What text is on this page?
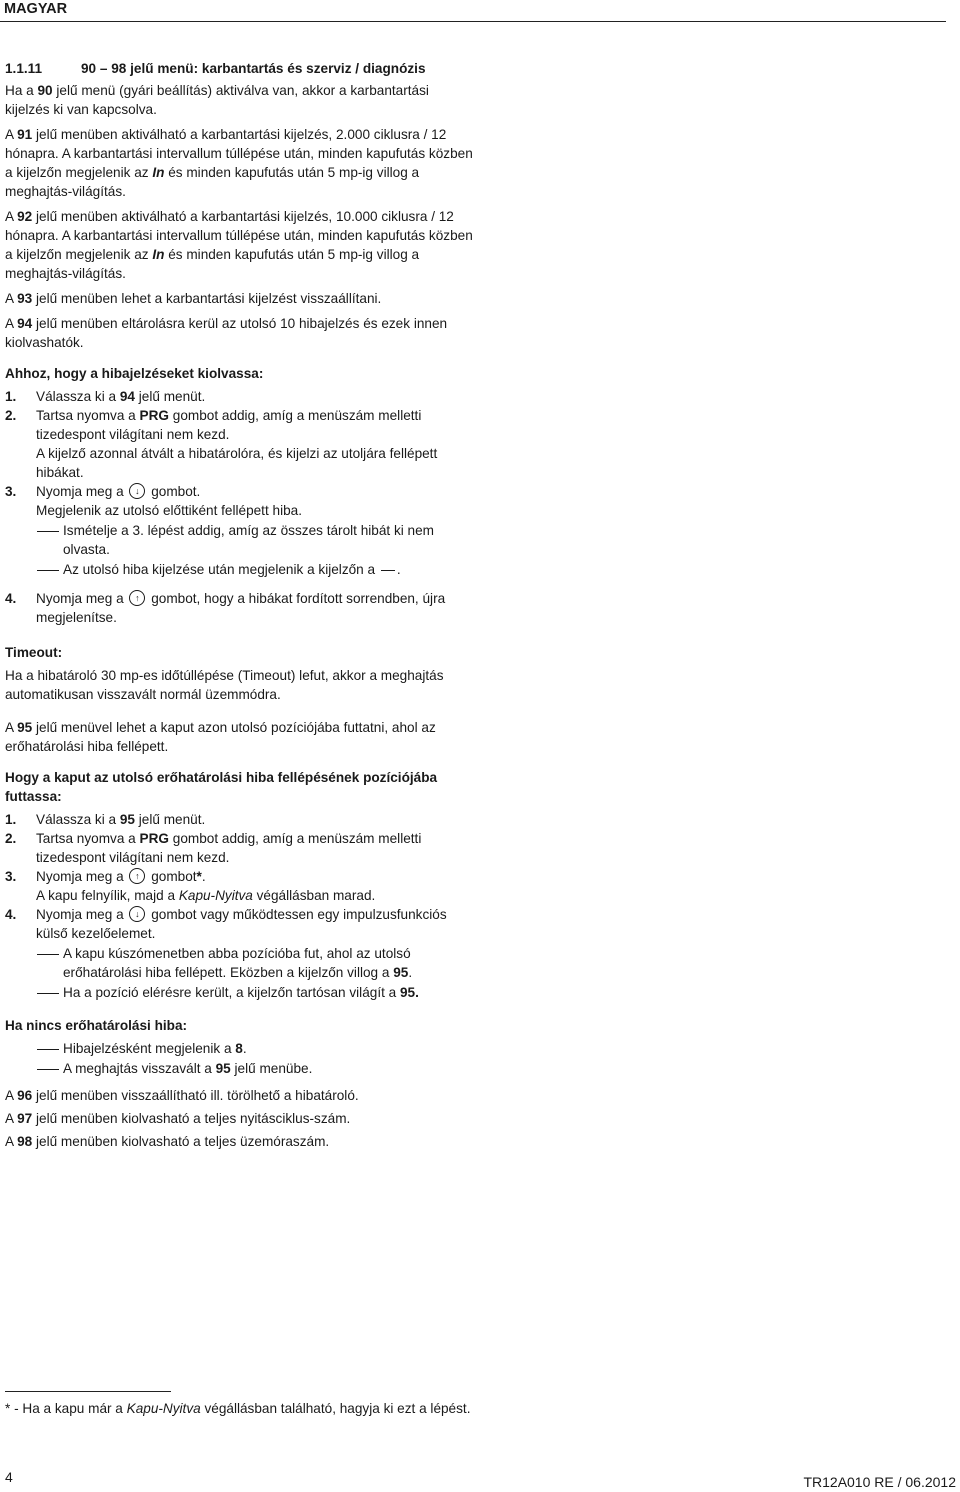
MAGYAR
1.1.11	90 – 98 jelű menü: karbantartás és szerviz / diagnózis

Ha a 90 jelű menü (gyári beállítás) aktiválva van, akkor a karbantartási kijelzés ki van kapcsolva.

A 91 jelű menüben aktiválható a karbantartási kijelzés, 2.000 ciklusra / 12 hónapra. A karbantartási intervallum túllépése után, minden kapufutás közben a kijelzőn megjelenik az In és minden kapufutás után 5 mp-ig villog a meghajtás-világítás.

A 92 jelű menüben aktiválható a karbantartási kijelzés, 10.000 ciklusra / 12 hónapra. A karbantartási intervallum túllépése után, minden kapufutás közben a kijelzőn megjelenik az In és minden kapufutás után 5 mp-ig villog a meghajtás-világítás.

A 93 jelű menüben lehet a karbantartási kijelzést visszaállítani.

A 94 jelű menüben eltárolásra kerül az utolsó 10 hibajelzés és ezek innen kiolvashatók.

Ahhoz, hogy a hibajelzéseket kiolvassa:
1. Válassza ki a 94 jelű menüt.
2. Tartsa nyomva a PRG gombot addig, amíg a menüszám melletti tizedespont világítani nem kezd.
A kijelző azonnal átvált a hibatárolóra, és kijelzi az utoljára fellépett hibákat.
3. Nyomja meg a ↓ gombot.
Megjelenik az utolsó előttiként fellépett hiba.
Ismételje a 3. lépést addig, amíg az összes tárolt hibát ki nem olvasta.
Az utolsó hiba kijelzése után megjelenik a kijelzőn a .
4. Nyomja meg a ↑ gombot, hogy a hibákat fordított sorrendben, újra megjelenítse.
Timeout:

Ha a hibatároló 30 mp-es időtúllépése (Timeout) lefut, akkor a meghajtás automatikusan visszavált normál üzemmódra.

A 95 jelű menüvel lehet a kaput azon utolsó pozíciójába futtatni, ahol az erőhatárolási hiba fellépett.

Hogy a kaput az utolsó erőhatárolási hiba fellépésének pozíciójába futtassa:
1. Válassza ki a 95 jelű menüt.
2. Tartsa nyomva a PRG gombot addig, amíg a menüszám melletti tizedespont világítani nem kezd.
3. Nyomja meg a ↑ gombot*.
A kapu felnyílik, majd a Kapu-Nyitva végállásban marad.
4. Nyomja meg a ↓ gombot vagy működtessen egy impulzusfunkciós külső kezelőelemet.
A kapu kúszómenetben abba pozícióba fut, ahol az utolsó erőhatárolási hiba fellépett. Eközben a kijelzőn villog a 95.
Ha a pozíció elérésre került, a kijelzőn tartósan világít a 95.
Ha nincs erőhatárolási hiba:
Hibajelzésként megjelenik a 8.
A meghajtás visszavált a 95 jelű menübe.

A 96 jelű menüben visszaállítható ill. törölhető a hibatároló.

A 97 jelű menüben kiolvasható a teljes nyitásciklus-szám.

A 98 jelű menüben kiolvasható a teljes üzemóraszám.

* - Ha a kapu már a Kapu-Nyitva végállásban található, hagyja ki ezt a lépést.
4	TR12A010 RE / 06.2012
